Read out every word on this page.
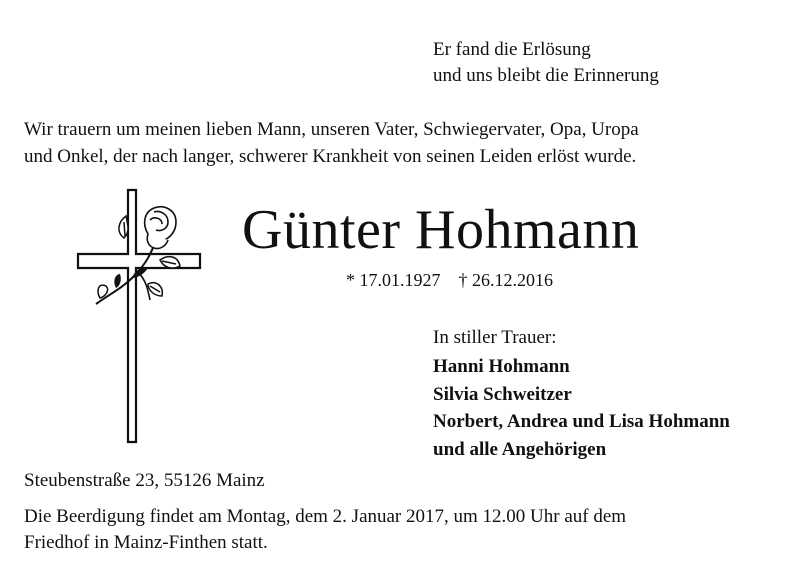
Er fand die Erlösung
und uns bleibt die Erinnerung
Wir trauern um meinen lieben Mann, unseren Vater, Schwiegervater, Opa, Uropa
und Onkel, der nach langer, schwerer Krankheit von seinen Leiden erlöst wurde.
Günter Hohmann
* 17.01.1927 † 26.12.2016
In stiller Trauer:
Hanni Hohmann
Silvia Schweitzer
Norbert, Andrea und Lisa Hohmann
und alle Angehörigen
Steubenstraße 23, 55126 Mainz
Die Beerdigung findet am Montag, dem 2. Januar 2017, um 12.00 Uhr auf dem
Friedhof in Mainz-Finthen statt.
